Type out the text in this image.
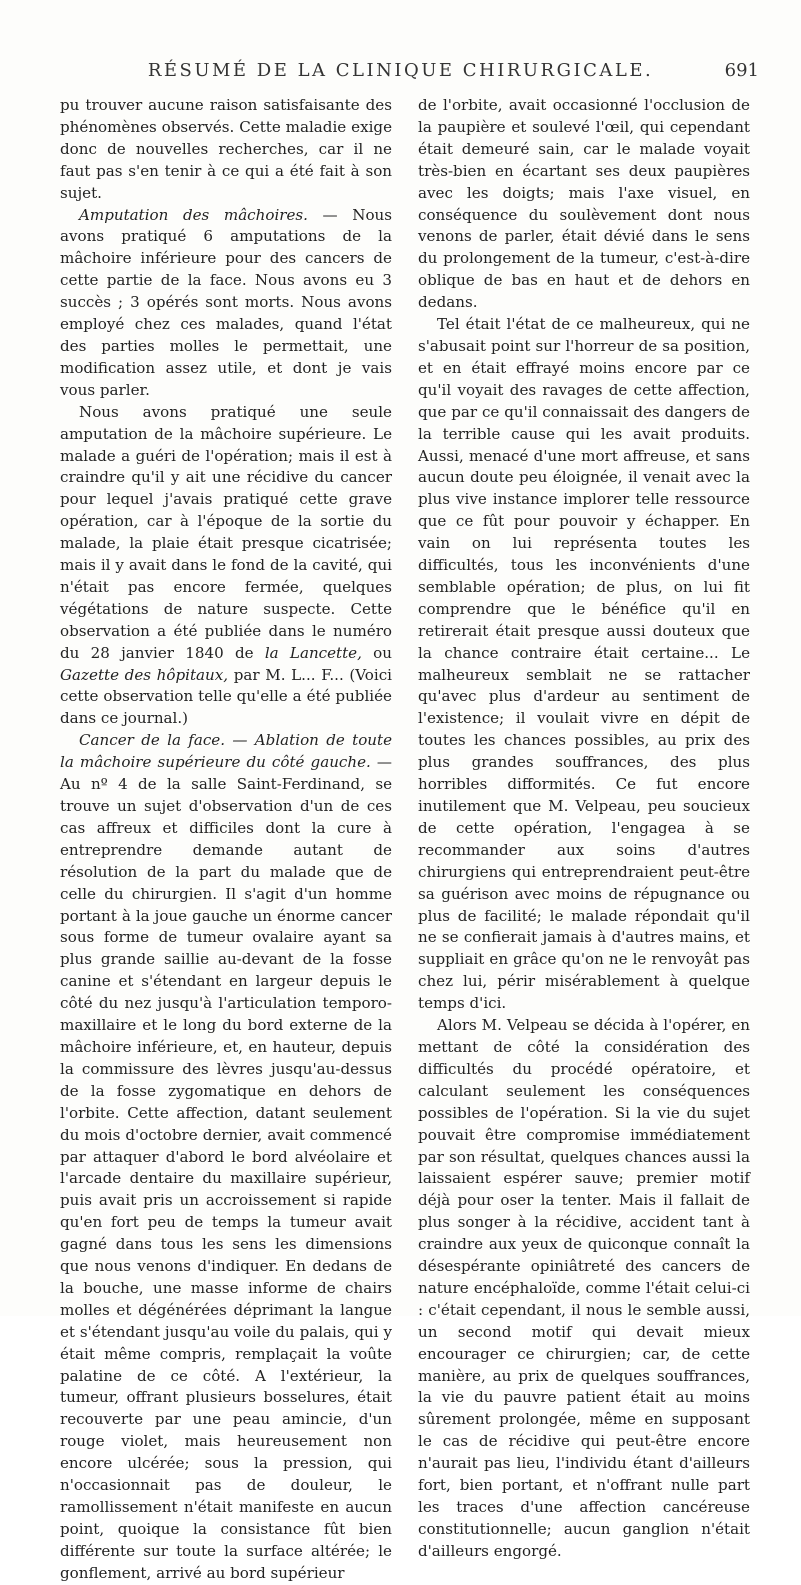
RÉSUMÉ DE LA CLINIQUE CHIRURGICALE.	691

pu trouver aucune raison satisfaisante des phénomènes observés. Cette maladie exige donc de nouvelles recherches, car il ne faut pas s'en tenir à ce qui a été fait à son sujet.

Amputation des mâchoires. — Nous avons pratiqué 6 amputations de la mâchoire inférieure pour des cancers de cette partie de la face. Nous avons eu 3 succès ; 3 opérés sont morts. Nous avons employé chez ces malades, quand l'état des parties molles le permettait, une modification assez utile, et dont je vais vous parler.

Nous avons pratiqué une seule amputation de la mâchoire supérieure. Le malade a guéri de l'opération; mais il est à craindre qu'il y ait une récidive du cancer pour lequel j'avais pratiqué cette grave opération, car à l'époque de la sortie du malade, la plaie était presque cicatrisée; mais il y avait dans le fond de la cavité, qui n'était pas encore fermée, quelques végétations de nature suspecte. Cette observation a été publiée dans le numéro du 28 janvier 1840 de la Lancette, ou Gazette des hôpitaux, par M. L... F... (Voici cette observation telle qu'elle a été publiée dans ce journal.)

Cancer de la face. — Ablation de toute la mâchoire supérieure du côté gauche. — Au nº 4 de la salle Saint-Ferdinand, se trouve un sujet d'observation d'un de ces cas affreux et difficiles dont la cure à entreprendre demande autant de résolution de la part du malade que de celle du chirurgien. Il s'agit d'un homme portant à la joue gauche un énorme cancer sous forme de tumeur ovalaire ayant sa plus grande saillie au-devant de la fosse canine et s'étendant en largeur depuis le côté du nez jusqu'à l'articulation temporo-maxillaire et le long du bord externe de la mâchoire inférieure, et, en hauteur, depuis la commissure des lèvres jusqu'au-dessus de la fosse zygomatique en dehors de l'orbite. Cette affection, datant seulement du mois d'octobre dernier, avait commencé par attaquer d'abord le bord alvéolaire et l'arcade dentaire du maxillaire supérieur, puis avait pris un accroissement si rapide qu'en fort peu de temps la tumeur avait gagné dans tous les sens les dimensions que nous venons d'indiquer. En dedans de la bouche, une masse informe de chairs molles et dégénérées déprimant la langue et s'étendant jusqu'au voile du palais, qui y était même compris, remplaçait la voûte palatine de ce côté. A l'extérieur, la tumeur, offrant plusieurs bosselures, était recouverte par une peau amincie, d'un rouge violet, mais heureusement non encore ulcérée; sous la pression, qui n'occasionnait pas de douleur, le ramollissement n'était manifeste en aucun point, quoique la consistance fût bien différente sur toute la surface altérée; le gonflement, arrivé au bord supérieur

de l'orbite, avait occasionné l'occlusion de la paupière et soulevé l'œil, qui cependant était demeuré sain, car le malade voyait très-bien en écartant ses deux paupières avec les doigts; mais l'axe visuel, en conséquence du soulèvement dont nous venons de parler, était dévié dans le sens du prolongement de la tumeur, c'est-à-dire oblique de bas en haut et de dehors en dedans.

Tel était l'état de ce malheureux, qui ne s'abusait point sur l'horreur de sa position, et en était effrayé moins encore par ce qu'il voyait des ravages de cette affection, que par ce qu'il connaissait des dangers de la terrible cause qui les avait produits. Aussi, menacé d'une mort affreuse, et sans aucun doute peu éloignée, il venait avec la plus vive instance implorer telle ressource que ce fût pour pouvoir y échapper. En vain on lui représenta toutes les difficultés, tous les inconvénients d'une semblable opération; de plus, on lui fit comprendre que le bénéfice qu'il en retirerait était presque aussi douteux que la chance contraire était certaine... Le malheureux semblait ne se rattacher qu'avec plus d'ardeur au sentiment de l'existence; il voulait vivre en dépit de toutes les chances possibles, au prix des plus grandes souffrances, des plus horribles difformités. Ce fut encore inutilement que M. Velpeau, peu soucieux de cette opération, l'engagea à se recommander aux soins d'autres chirurgiens qui entreprendraient peut-être sa guérison avec moins de répugnance ou plus de facilité; le malade répondait qu'il ne se confierait jamais à d'autres mains, et suppliait en grâce qu'on ne le renvoyât pas chez lui, périr misérablement à quelque temps d'ici.

Alors M. Velpeau se décida à l'opérer, en mettant de côté la considération des difficultés du procédé opératoire, et calculant seulement les conséquences possibles de l'opération. Si la vie du sujet pouvait être compromise immédiatement par son résultat, quelques chances aussi la laissaient espérer sauve; premier motif déjà pour oser la tenter. Mais il fallait de plus songer à la récidive, accident tant à craindre aux yeux de quiconque connaît la désespérante opiniâtreté des cancers de nature encéphaloïde, comme l'était celui-ci : c'était cependant, il nous le semble aussi, un second motif qui devait mieux encourager ce chirurgien; car, de cette manière, au prix de quelques souffrances, la vie du pauvre patient était au moins sûrement prolongée, même en supposant le cas de récidive qui peut-être encore n'aurait pas lieu, l'individu étant d'ailleurs fort, bien portant, et n'offrant nulle part les traces d'une affection cancéreuse constitutionnelle; aucun ganglion n'était d'ailleurs engorgé.
